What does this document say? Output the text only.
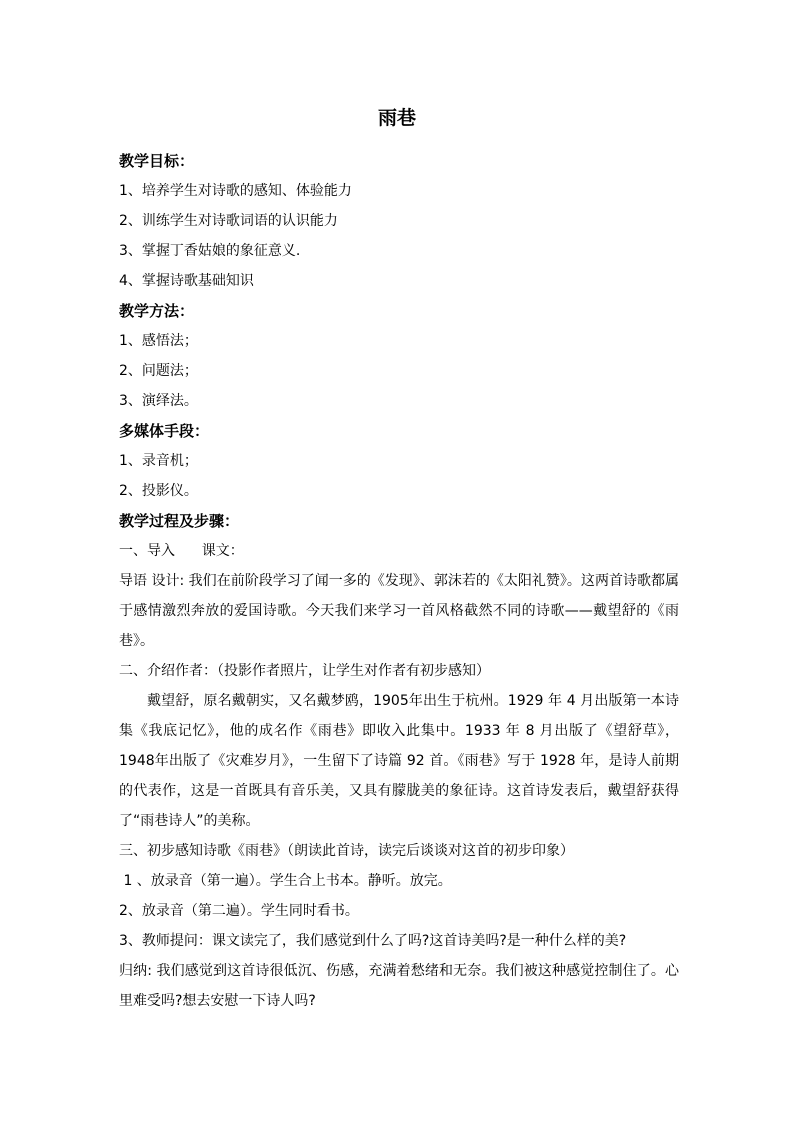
雨巷
教学目标：
1、培养学生对诗歌的感知、体验能力
2、训练学生对诗歌词语的认识能力
3、掌握丁香姑娘的象征意义.
4、掌握诗歌基础知识
教学方法：
1、感悟法；
2、问题法；
3、演绎法。
多媒体手段：
1、录音机；
2、投影仪。
教学过程及步骤：
一、导入      课文：
导语 设计: 我们在前阶段学习了闻一多的《发现》、郭沫若的《太阳礼赞》。这两首诗歌都属于感情激烈奔放的爱国诗歌。今天我们来学习一首风格截然不同的诗歌——戴望舒的《雨巷》。
二、介绍作者：（投影作者照片，让学生对作者有初步感知）
戴望舒，原名戴朝实，又名戴梦鸥，1905年出生于杭州。1929 年 4 月出版第一本诗集《我底记忆》，他的成名作《雨巷》即收入此集中。1933 年 8 月出版了《望舒草》，1948年出版了《灾难岁月》，一生留下了诗篇 92 首。《雨巷》写于 1928 年，是诗人前期的代表作，这是一首既具有音乐美，又具有朦胧美的象征诗。这首诗发表后，戴望舒获得了“雨巷诗人”的美称。
三、初步感知诗歌《雨巷》（朗读此首诗，读完后谈谈对这首的初步印象）
1 、放录音（第一遍）。学生合上书本。静听。放完。
2、放录音（第二遍）。学生同时看书。
3、教师提问：课文读完了，我们感觉到什么了吗?这首诗美吗?是一种什么样的美?
归纳: 我们感觉到这首诗很低沉、伤感，充满着愁绪和无奈。我们被这种感觉控制住了。心里难受吗?想去安慰一下诗人吗?
